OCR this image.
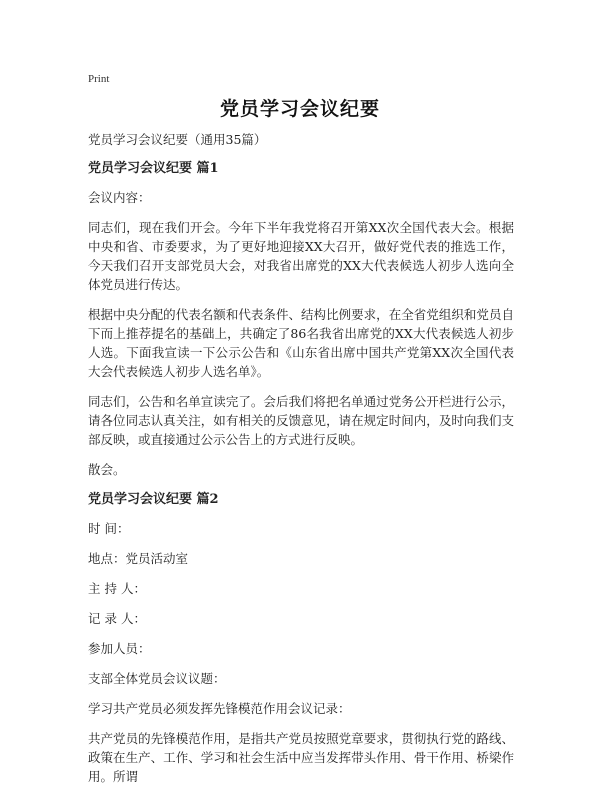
Print
党员学习会议纪要

党员学习会议纪要（通用35篇）

党员学习会议纪要 篇1

会议内容：

同志们，现在我们开会。今年下半年我党将召开第XX次全国代表大会。根据中央和省、市委要求，为了更好地迎接XX大召开，做好党代表的推选工作，今天我们召开支部党员大会，对我省出席党的XX大代表候选人初步人选向全体党员进行传达。

根据中央分配的代表名额和代表条件、结构比例要求，在全省党组织和党员自下而上推荐提名的基础上，共确定了86名我省出席党的XX大代表候选人初步人选。下面我宣读一下公示公告和《山东省出席中国共产党第XX次全国代表大会代表候选人初步人选名单》。

同志们，公告和名单宣读完了。会后我们将把名单通过党务公开栏进行公示，请各位同志认真关注，如有相关的反馈意见，请在规定时间内，及时向我们支部反映，或直接通过公示公告上的方式进行反映。

散会。

党员学习会议纪要 篇2

时 间：

地点：党员活动室

主 持 人：

记 录 人：

参加人员：

支部全体党员会议议题：

学习共产党员必须发挥先锋模范作用会议记录：

共产党员的先锋模范作用，是指共产党员按照党章要求，贯彻执行党的路线、政策在生产、工作、学习和社会生活中应当发挥带头作用、骨干作用、桥梁作用。所谓
